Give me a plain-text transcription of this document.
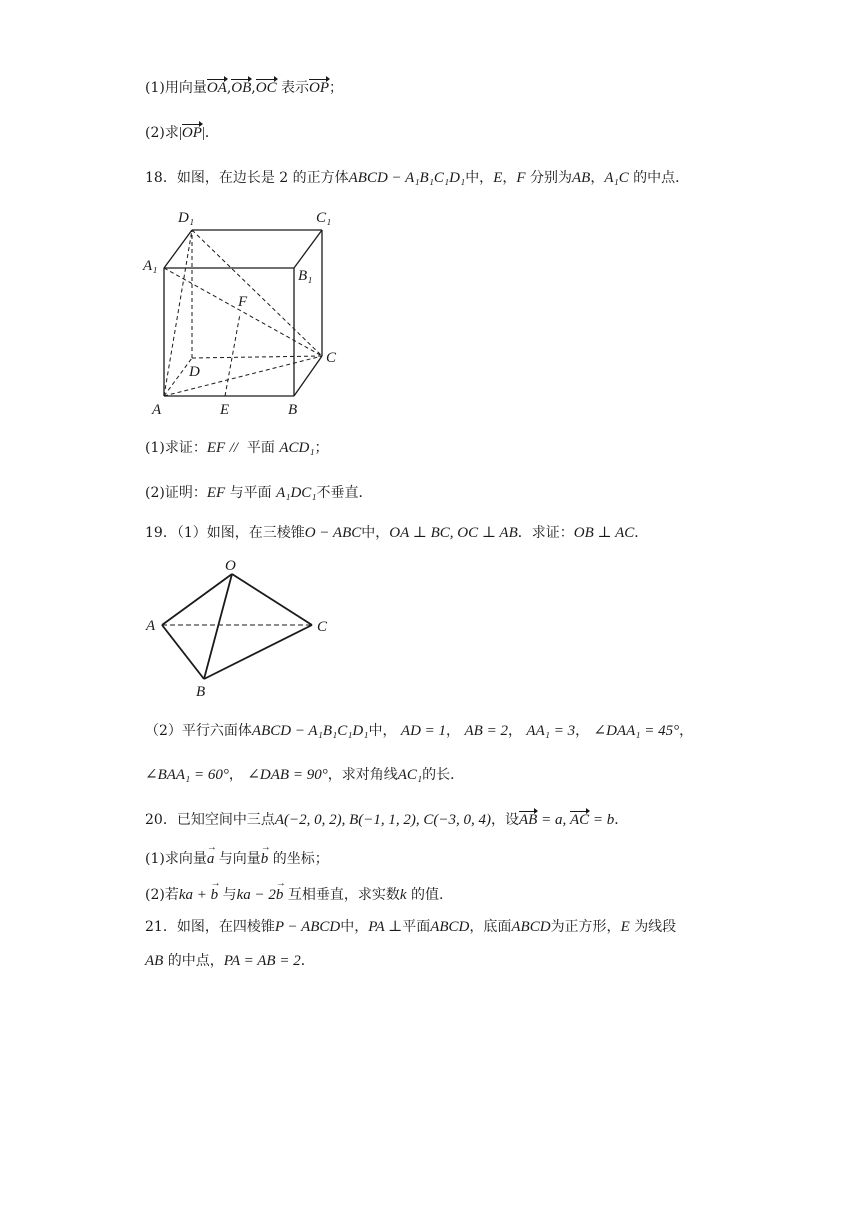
(1)用向量OA,OB,OC 表示OP；
(2)求|OP|．
18．如图，在边长是 2 的正方体ABCD − A₁B₁C₁D₁中，E，F 分别为AB，A₁C 的中点．
D₁	C₁
A₁
B₁
F
C
D
A	E	B
(1)求证：EF // 平面 ACD₁；
(2)证明：EF 与平面 A₁DC₁不垂直．
19．（1）如图，在三棱锥O − ABC中，OA ⊥ BC, OC ⊥ AB．求证：OB ⊥ AC．
O
A	C
B
（2）平行六面体ABCD − A₁B₁C₁D₁中， AD = 1， AB = 2， AA₁ = 3， ∠DAA₁ = 45°，
∠BAA₁ = 60°， ∠DAB = 90°，求对角线AC₁的长．
20．已知空间中三点A(−2, 0, 2), B(−1, 1, 2), C(−3, 0, 4)，设AB = a, AC = b．
(1)求向量→ a 与向量→ b 的坐标；
(2)若ka + → b 与ka − 2→ b 互相垂直，求实数k 的值.
21．如图，在四棱锥P − ABCD中，PA ⊥平面ABCD，底面ABCD为正方形，E 为线段
AB 的中点，PA = AB = 2．
